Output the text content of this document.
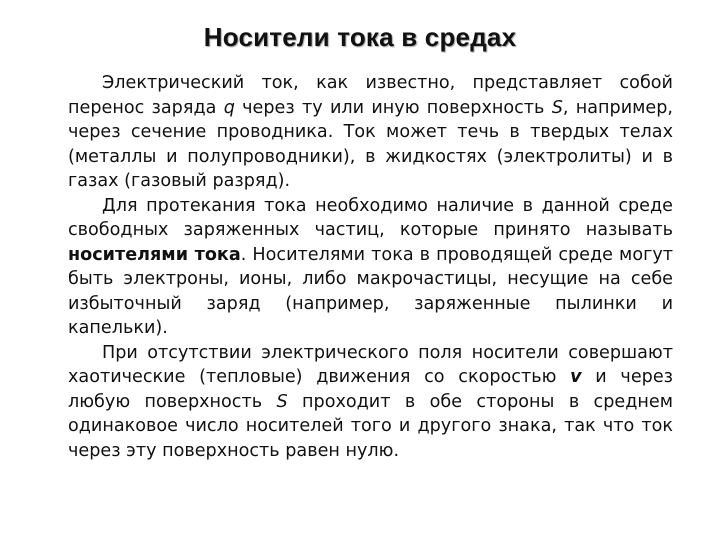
Носители тока в средах

Электрический ток, как известно, представляет собой перенос заряда q через ту или иную поверхность S, например, через сечение проводника. Ток может течь в твердых телах (металлы и полупроводники), в жидкостях (электролиты) и в газах (газовый разряд).

Для протекания тока необходимо наличие в данной среде свободных заряженных частиц, которые принято называть носителями тока. Носителями тока в проводящей среде могут быть электроны, ионы, либо макрочастицы, несущие на себе избыточный заряд (например, заряженные пылинки и капельки).

При отсутствии электрического поля носители совершают хаотические (тепловые) движения со скоростью v и через любую поверхность S проходит в обе стороны в среднем одинаковое число носителей того и другого знака, так что ток через эту поверхность равен нулю.
